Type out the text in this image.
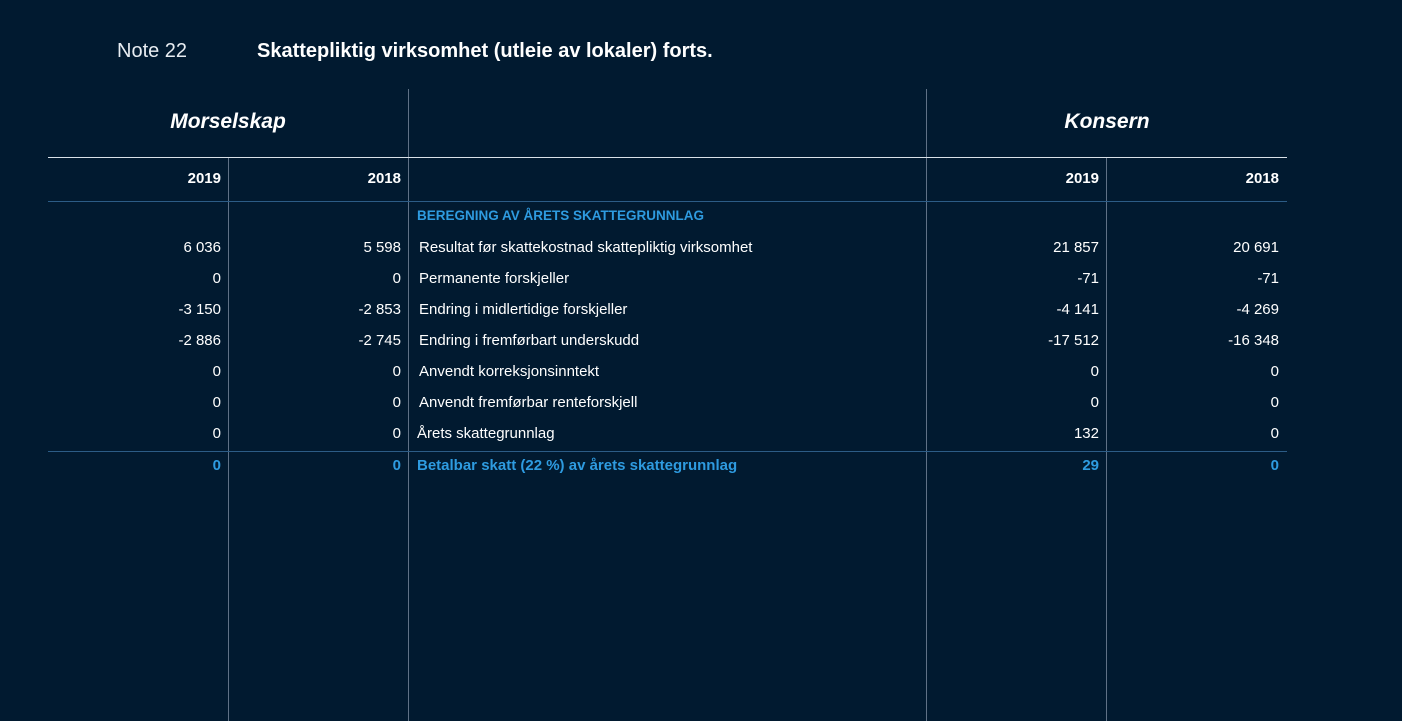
Note 22	Skattepliktig virksomhet (utleie av lokaler) forts.
Morselskap	Konsern
2019	2018	2019	2018
BEREGNING AV ÅRETS SKATTEGRUNNLAG
6 036	5 598 Resultat før skattekostnad skattepliktig virksomhet	21 857	20 691
0	0 Permanente forskjeller	-71	-71
-3 150	-2 853 Endring i midlertidige forskjeller	-4 141	-4 269
-2 886	-2 745 Endring i fremførbart underskudd	-17 512	-16 348
0	0 Anvendt korreksjonsinntekt	0	0
0	0 Anvendt fremførbar renteforskjell	0	0
0	0 Årets skattegrunnlag	132	0
0	0 Betalbar skatt (22 %) av årets skattegrunnlag	29	0
